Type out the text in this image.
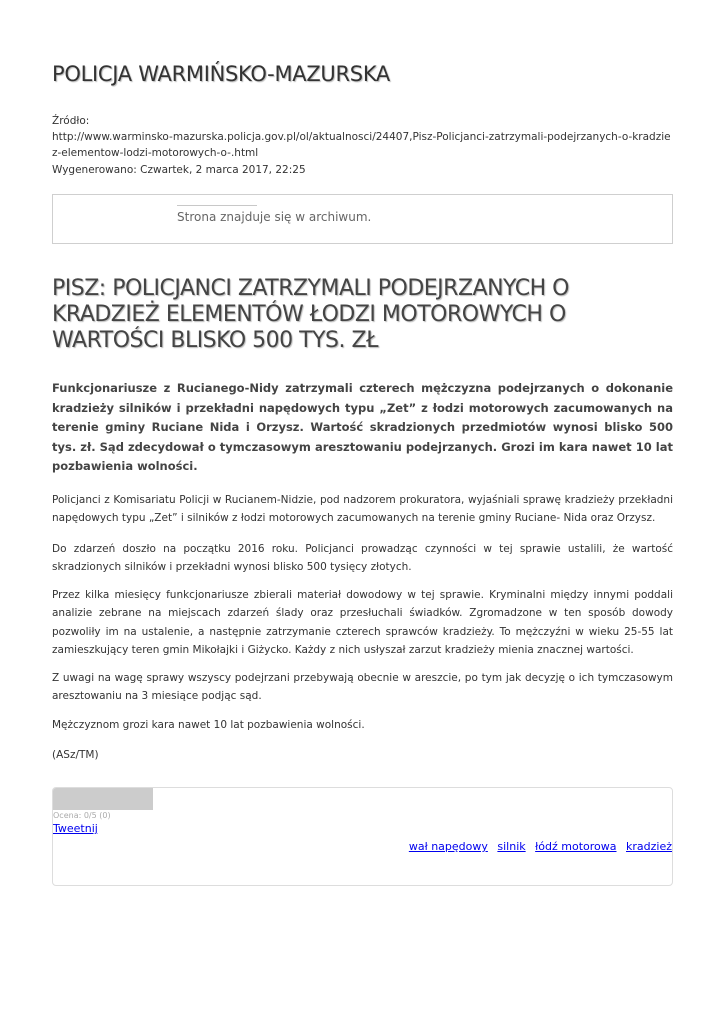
POLICJA WARMIŃSKO-MAZURSKA
Źródło:
http://www.warminsko-mazurska.policja.gov.pl/ol/aktualnosci/24407,Pisz-Policjanci-zatrzymali-podejrzanych-o-kradziez-elementow-lodzi-motorowych-o-.html
Wygenerowano: Czwartek, 2 marca 2017, 22:25
Strona znajduje się w archiwum.
PISZ: POLICJANCI ZATRZYMALI PODEJRZANYCH O KRADZIEŻ ELEMENTÓW ŁODZI MOTOROWYCH O WARTOŚCI BLISKO 500 TYS. ZŁ

Funkcjonariusze z Rucianego-Nidy zatrzymali czterech mężczyzna podejrzanych o dokonanie kradzieży silników i przekładni napędowych typu „Zet” z łodzi motorowych zacumowanych na terenie gminy Ruciane Nida i Orzysz. Wartość skradzionych przedmiotów wynosi blisko 500 tys. zł. Sąd zdecydował o tymczasowym aresztowaniu podejrzanych. Grozi im kara nawet 10 lat pozbawienia wolności.

Policjanci z Komisariatu Policji w Rucianem-Nidzie, pod nadzorem prokuratora, wyjaśniali sprawę kradzieży przekładni napędowych typu „Zet” i silników z łodzi motorowych zacumowanych na terenie gminy Ruciane- Nida oraz Orzysz.

Do zdarzeń doszło na początku 2016 roku. Policjanci prowadząc czynności w tej sprawie ustalili, że wartość skradzionych silników i przekładni wynosi blisko 500 tysięcy złotych.

Przez kilka miesięcy funkcjonariusze zbierali materiał dowodowy w tej sprawie. Kryminalni między innymi poddali analizie zebrane na miejscach zdarzeń ślady oraz przesłuchali świadków. Zgromadzone w ten sposób dowody pozwoliły im na ustalenie, a następnie zatrzymanie czterech sprawców kradzieży. To mężczyźni w wieku 25-55 lat zamieszkujący teren gmin Mikołajki i Giżycko. Każdy z nich usłyszał zarzut kradzieży mienia znacznej wartości.

Z uwagi na wagę sprawy wszyscy podejrzani przebywają obecnie w areszcie, po tym jak decyzję o ich tymczasowym aresztowaniu na 3 miesiące podjąc sąd.

Mężczyznom grozi kara nawet 10 lat pozbawienia wolności.

(ASz/TM)

Ocena: 0/5 (0)
Tweetnij
wał napędowy silnik łódź motorowa kradzież
